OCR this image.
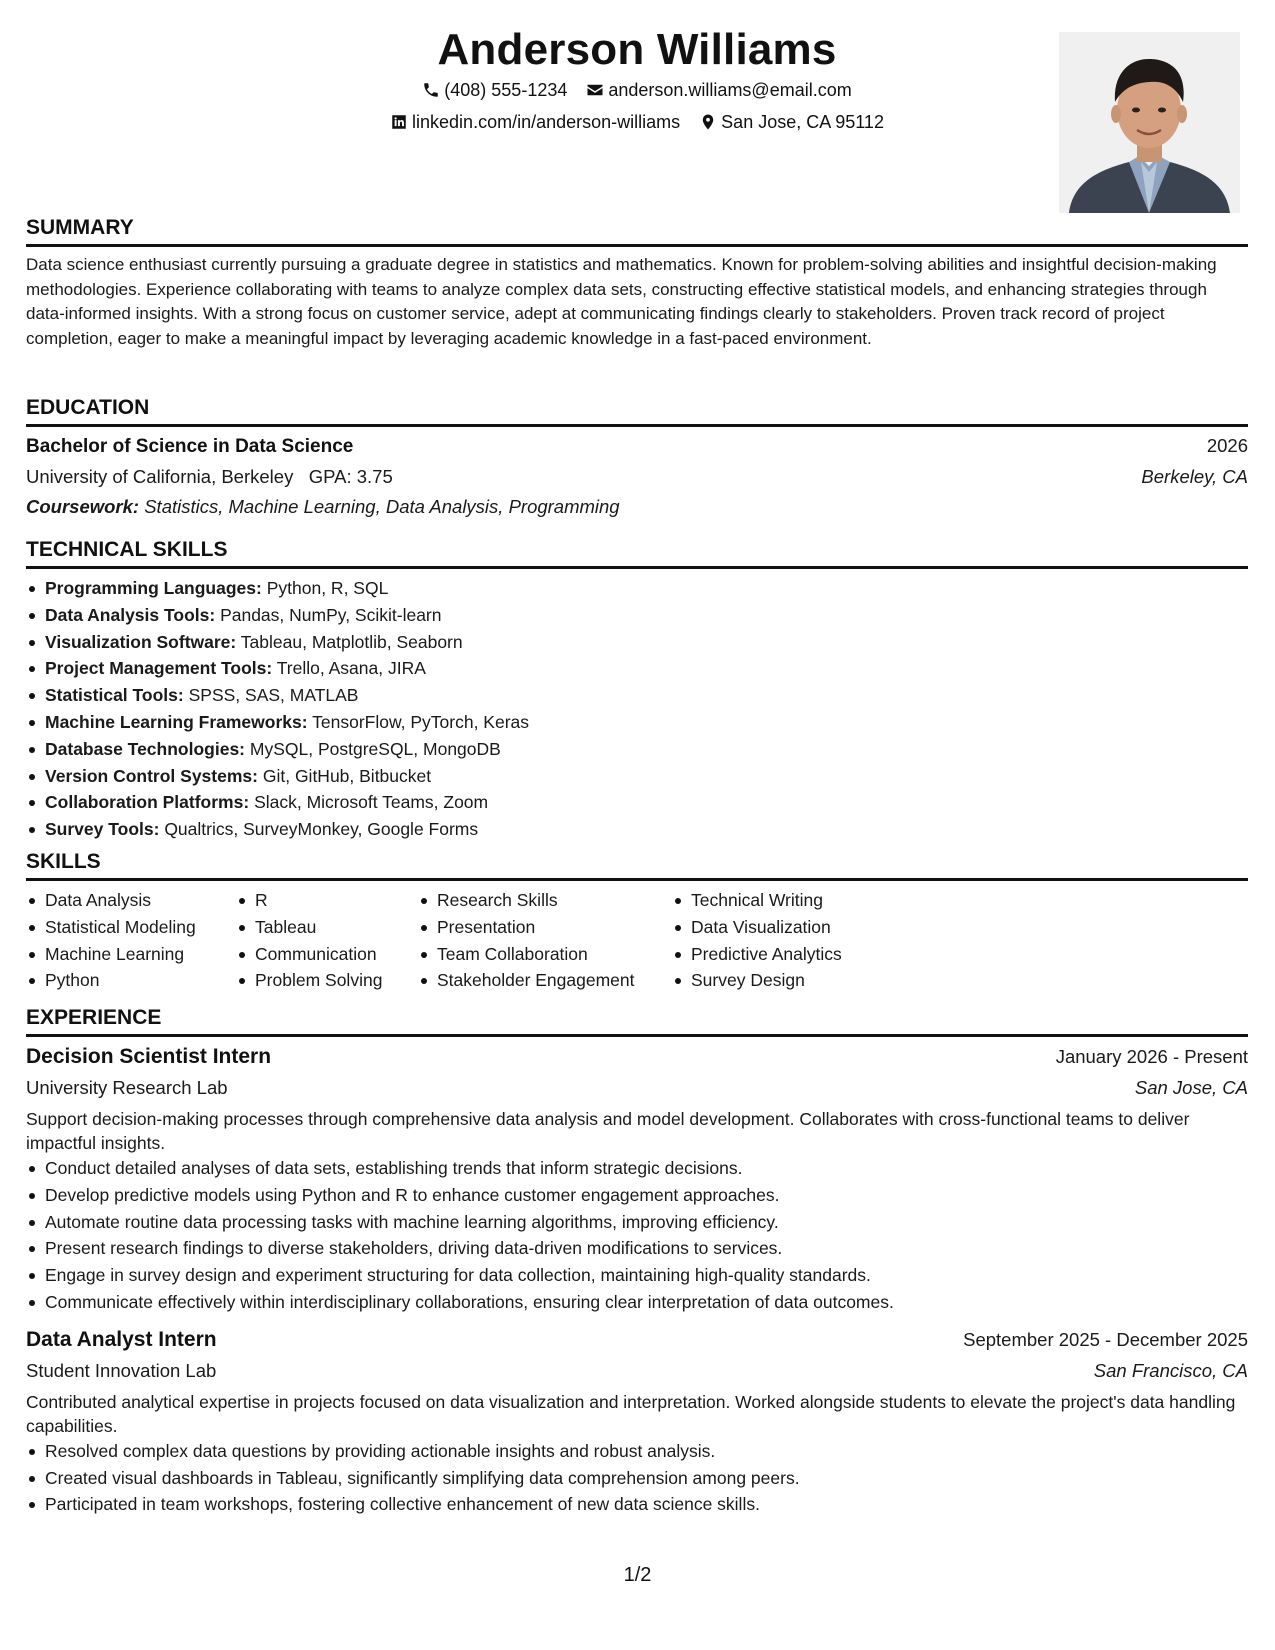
Anderson Williams
(408) 555-1234
anderson.williams@email.com
linkedin.com/in/anderson-williams
San Jose, CA 95112
SUMMARY
Data science enthusiast currently pursuing a graduate degree in statistics and mathematics. Known for problem-solving abilities and insightful decision-making methodologies. Experience collaborating with teams to analyze complex data sets, constructing effective statistical models, and enhancing strategies through data-informed insights. With a strong focus on customer service, adept at communicating findings clearly to stakeholders. Proven track record of project completion, eager to make a meaningful impact by leveraging academic knowledge in a fast-paced environment.
EDUCATION
Bachelor of Science in Data Science	2026
University of California, Berkeley GPA: 3.75	Berkeley, CA
Coursework: Statistics, Machine Learning, Data Analysis, Programming
TECHNICAL SKILLS
Programming Languages: Python, R, SQL
Data Analysis Tools: Pandas, NumPy, Scikit-learn
Visualization Software: Tableau, Matplotlib, Seaborn
Project Management Tools: Trello, Asana, JIRA
Statistical Tools: SPSS, SAS, MATLAB
Machine Learning Frameworks: TensorFlow, PyTorch, Keras
Database Technologies: MySQL, PostgreSQL, MongoDB
Version Control Systems: Git, GitHub, Bitbucket
Collaboration Platforms: Slack, Microsoft Teams, Zoom
Survey Tools: Qualtrics, SurveyMonkey, Google Forms
SKILLS
Data Analysis
Statistical Modeling
Machine Learning
Python
R
Tableau
Communication
Problem Solving
Research Skills
Presentation
Team Collaboration
Stakeholder Engagement
Technical Writing
Data Visualization
Predictive Analytics
Survey Design
EXPERIENCE
Decision Scientist Intern	January 2026 - Present
University Research Lab	San Jose, CA
Support decision-making processes through comprehensive data analysis and model development. Collaborates with cross-functional teams to deliver impactful insights.
Conduct detailed analyses of data sets, establishing trends that inform strategic decisions.
Develop predictive models using Python and R to enhance customer engagement approaches.
Automate routine data processing tasks with machine learning algorithms, improving efficiency.
Present research findings to diverse stakeholders, driving data-driven modifications to services.
Engage in survey design and experiment structuring for data collection, maintaining high-quality standards.
Communicate effectively within interdisciplinary collaborations, ensuring clear interpretation of data outcomes.
Data Analyst Intern	September 2025 - December 2025
Student Innovation Lab	San Francisco, CA
Contributed analytical expertise in projects focused on data visualization and interpretation. Worked alongside students to elevate the project's data handling capabilities.
Resolved complex data questions by providing actionable insights and robust analysis.
Created visual dashboards in Tableau, significantly simplifying data comprehension among peers.
Participated in team workshops, fostering collective enhancement of new data science skills.
1/2
